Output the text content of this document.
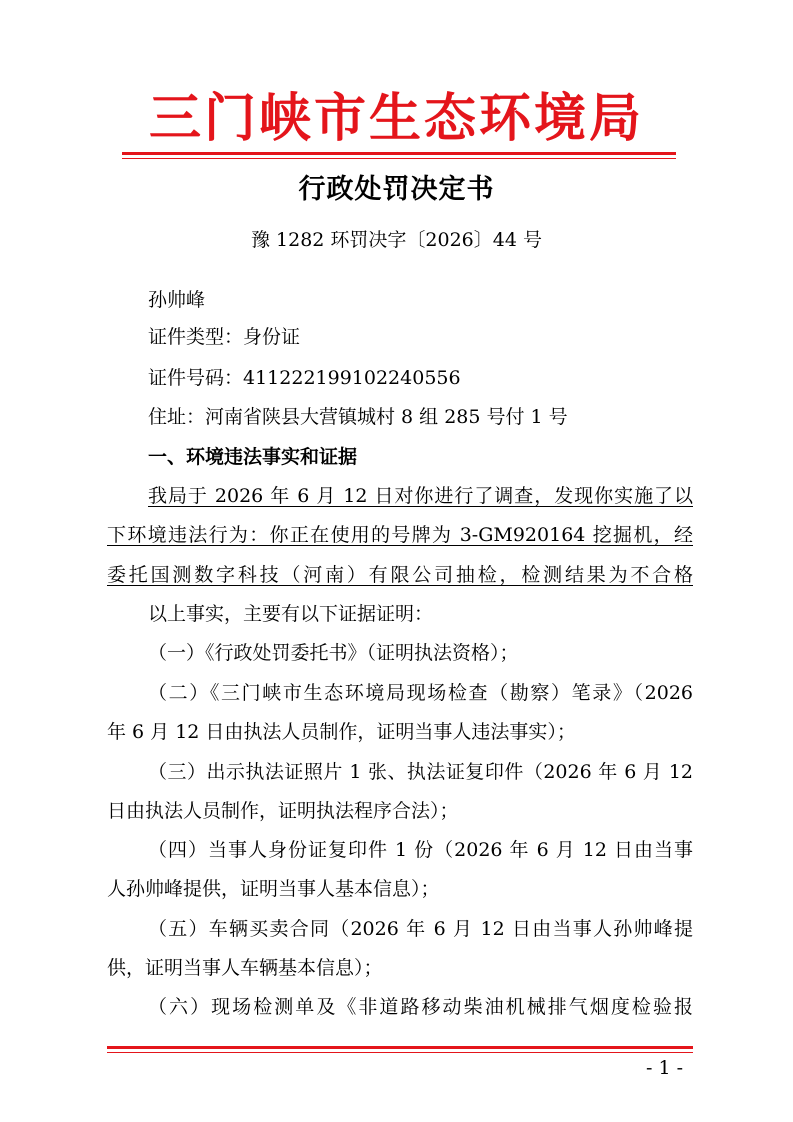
三门峡市生态环境局
行政处罚决定书
豫 1282 环罚决字〔2026〕44 号
孙帅峰
证件类型：身份证
证件号码：411222199102240556
住址：河南省陕县大营镇城村 8 组 285 号付 1 号
一、环境违法事实和证据
我局于 2026 年 6 月 12 日对你进行了调查，发现你实施了以
下环境违法行为：你正在使用的号牌为 3-GM920164 挖掘机，经
委托国测数字科技（河南）有限公司抽检，检测结果为不合格
以上事实，主要有以下证据证明：
（一）《行政处罚委托书》（证明执法资格）；
（二）《三门峡市生态环境局现场检查（勘察）笔录》（2026
年 6 月 12 日由执法人员制作，证明当事人违法事实）；
（三）出示执法证照片 1 张、执法证复印件（2026 年 6 月 12
日由执法人员制作，证明执法程序合法）；
（四）当事人身份证复印件 1 份（2026 年 6 月 12 日由当事
人孙帅峰提供，证明当事人基本信息）；
（五）车辆买卖合同（2026 年 6 月 12 日由当事人孙帅峰提
供，证明当事人车辆基本信息）；
（六）现场检测单及《非道路移动柴油机械排气烟度检验报
- 1 -
